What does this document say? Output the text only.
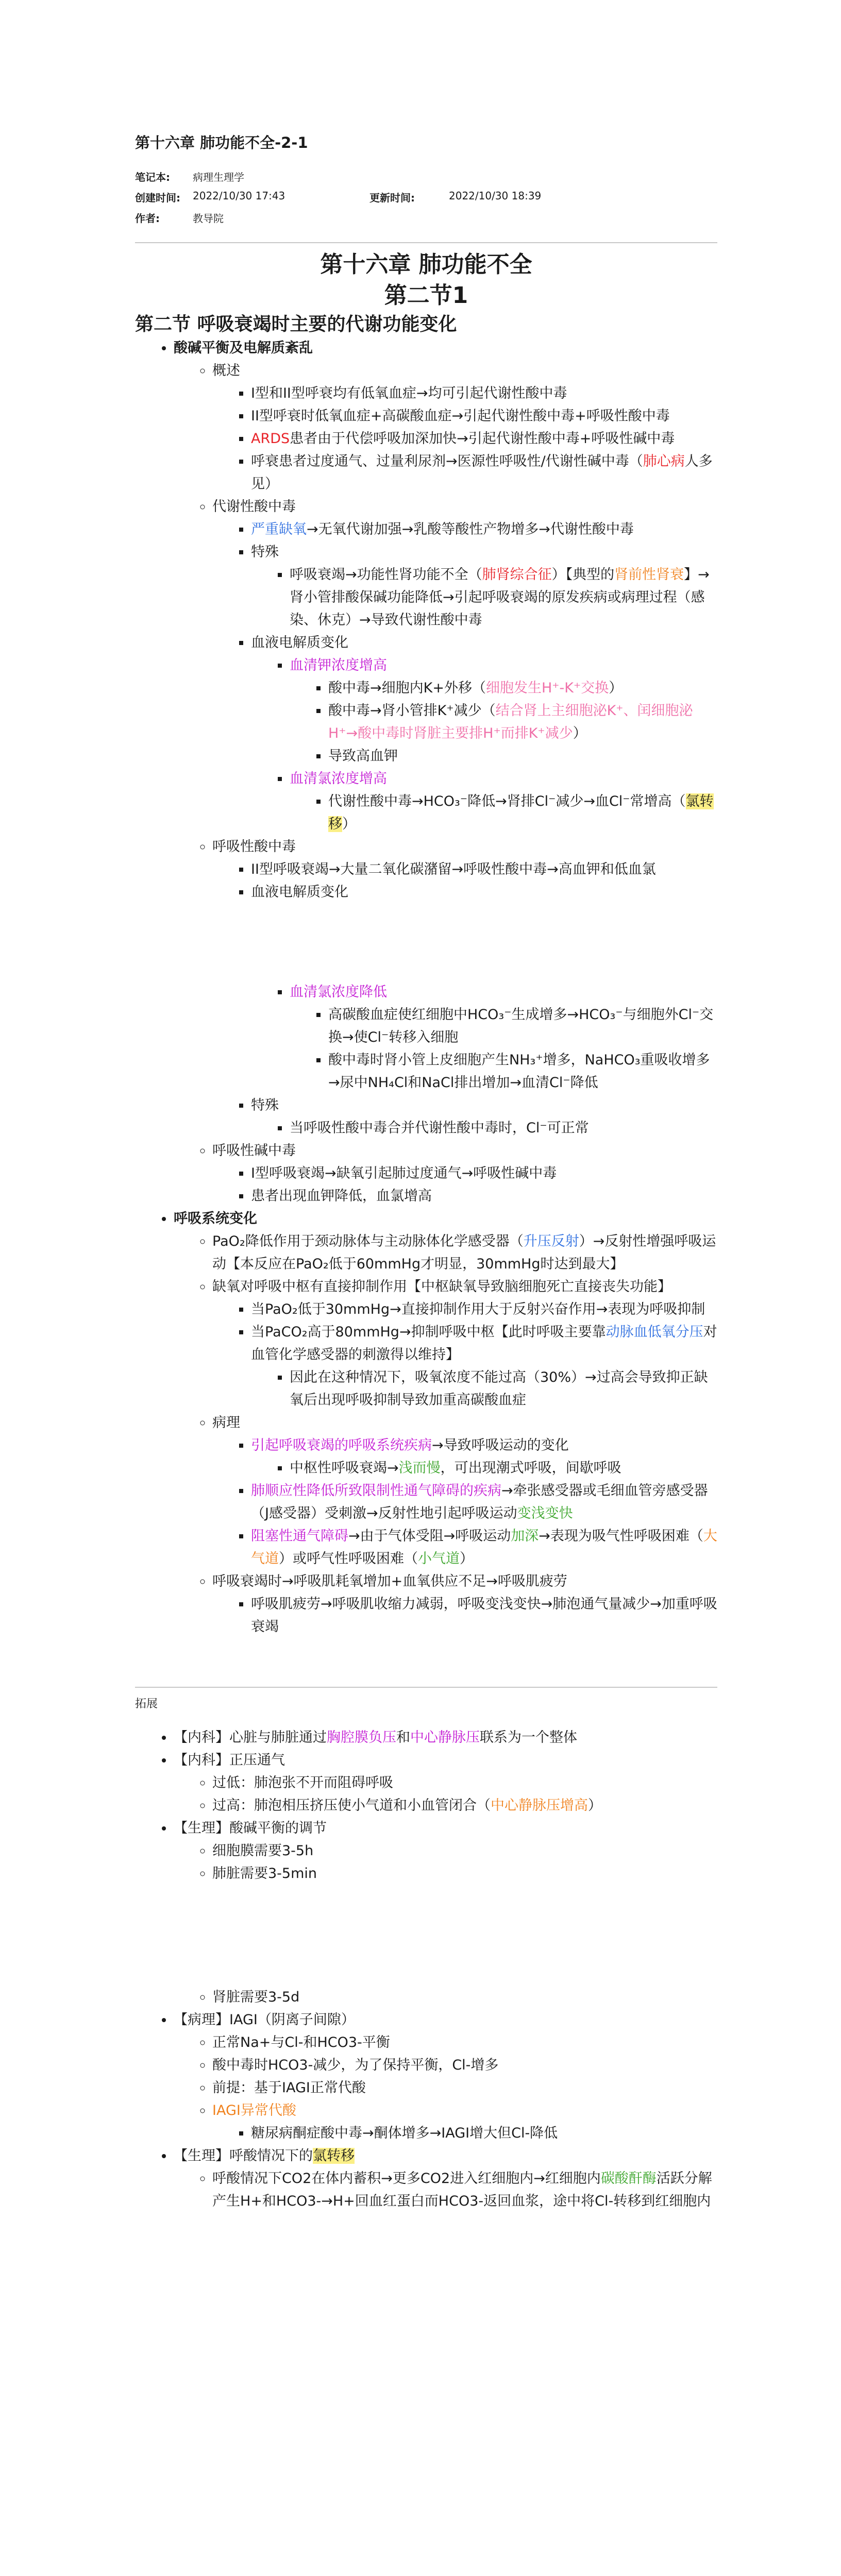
第十六章 肺功能不全-2-1
笔记本:	病理生理学		
创建时间:	2022/10/30 17:43	更新时间:	2022/10/30 18:39
作者:	教导院		
第十六章 肺功能不全
第二节1
第二节 呼吸衰竭时主要的代谢功能变化
• 酸碱平衡及电解质紊乱
◦ 概述
▪ I型和II型呼衰均有低氧血症→均可引起代谢性酸中毒
▪ II型呼衰时低氧血症+高碳酸血症→引起代谢性酸中毒+呼吸性酸中毒
▪ ARDS患者由于代偿呼吸加深加快→引起代谢性酸中毒+呼吸性碱中毒
▪ 呼衰患者过度通气、过量利尿剂→医源性呼吸性/代谢性碱中毒（肺心病人多见）
◦ 代谢性酸中毒
▪ 严重缺氧→无氧代谢加强→乳酸等酸性产物增多→代谢性酸中毒
▪ 特殊
▪ 呼吸衰竭→功能性肾功能不全（肺肾综合征）【典型的肾前性肾衰】→肾小管排酸保碱功能降低→引起呼吸衰竭的原发疾病或病理过程（感染、休克）→导致代谢性酸中毒
▪ 血液电解质变化
▪ 血清钾浓度增高
▪ 酸中毒→细胞内K+外移（细胞发生H⁺-K⁺交换）
▪ 酸中毒→肾小管排K⁺减少（结合肾上主细胞泌K⁺、闰细胞泌H⁺→酸中毒时肾脏主要排H⁺而排K⁺减少）
▪ 导致高血钾
▪ 血清氯浓度增高
▪ 代谢性酸中毒→HCO₃⁻降低→肾排Cl⁻减少→血Cl⁻常增高（氯转移）
◦ 呼吸性酸中毒
▪ II型呼吸衰竭→大量二氧化碳潴留→呼吸性酸中毒→高血钾和低血氯
▪ 血液电解质变化
▪ 血清氯浓度降低
▪ 高碳酸血症使红细胞中HCO₃⁻生成增多→HCO₃⁻与细胞外Cl⁻交换→使Cl⁻转移入细胞
▪ 酸中毒时肾小管上皮细胞产生NH₃⁺增多，NaHCO₃重吸收增多→尿中NH₄Cl和NaCl排出增加→血清Cl⁻降低
▪ 特殊
▪ 当呼吸性酸中毒合并代谢性酸中毒时，Cl⁻可正常
◦ 呼吸性碱中毒
▪ I型呼吸衰竭→缺氧引起肺过度通气→呼吸性碱中毒
▪ 患者出现血钾降低，血氯增高
• 呼吸系统变化
◦ PaO₂降低作用于颈动脉体与主动脉体化学感受器（升压反射）→反射性增强呼吸运动【本反应在PaO₂低于60mmHg才明显，30mmHg时达到最大】
◦ 缺氧对呼吸中枢有直接抑制作用【中枢缺氧导致脑细胞死亡直接丧失功能】
▪ 当PaO₂低于30mmHg→直接抑制作用大于反射兴奋作用→表现为呼吸抑制
▪ 当PaCO₂高于80mmHg→抑制呼吸中枢【此时呼吸主要靠动脉血低氧分压对血管化学感受器的刺激得以维持】
▪ 因此在这种情况下，吸氧浓度不能过高（30%）→过高会导致抑正缺氧后出现呼吸抑制导致加重高碳酸血症
◦ 病理
▪ 引起呼吸衰竭的呼吸系统疾病→导致呼吸运动的变化
▪ 中枢性呼吸衰竭→浅而慢，可出现潮式呼吸，间歇呼吸
▪ 肺顺应性降低所致限制性通气障碍的疾病→牵张感受器或毛细血管旁感受器（J感受器）受刺激→反射性地引起呼吸运动变浅变快
▪ 阻塞性通气障碍→由于气体受阻→呼吸运动加深→表现为吸气性呼吸困难（大气道）或呼气性呼吸困难（小气道）
◦ 呼吸衰竭时→呼吸肌耗氧增加+血氧供应不足→呼吸肌疲劳
▪ 呼吸肌疲劳→呼吸肌收缩力减弱，呼吸变浅变快→肺泡通气量减少→加重呼吸衰竭
拓展
• 【内科】心脏与肺脏通过胸腔膜负压和中心静脉压联系为一个整体
• 【内科】正压通气
◦ 过低：肺泡张不开而阻碍呼吸
◦ 过高：肺泡相压挤压使小气道和小血管闭合（中心静脉压增高）
• 【生理】酸碱平衡的调节
◦ 细胞膜需要3-5h
◦ 肺脏需要3-5min
◦ 肾脏需要3-5d
• 【病理】IAGI（阴离子间隙）
◦ 正常Na+与Cl-和HCO3-平衡
◦ 酸中毒时HCO3-减少，为了保持平衡，Cl-增多
◦ 前提：基于IAGI正常代酸
◦ IAGI异常代酸
▪ 糖尿病酮症酸中毒→酮体增多→IAGI增大但Cl-降低
• 【生理】呼酸情况下的氯转移
◦ 呼酸情况下CO2在体内蓄积→更多CO2进入红细胞内→红细胞内碳酸酐酶活跃分解产生H+和HCO3-→H+回血红蛋白而HCO3-返回血浆，途中将Cl-转移到红细胞内
